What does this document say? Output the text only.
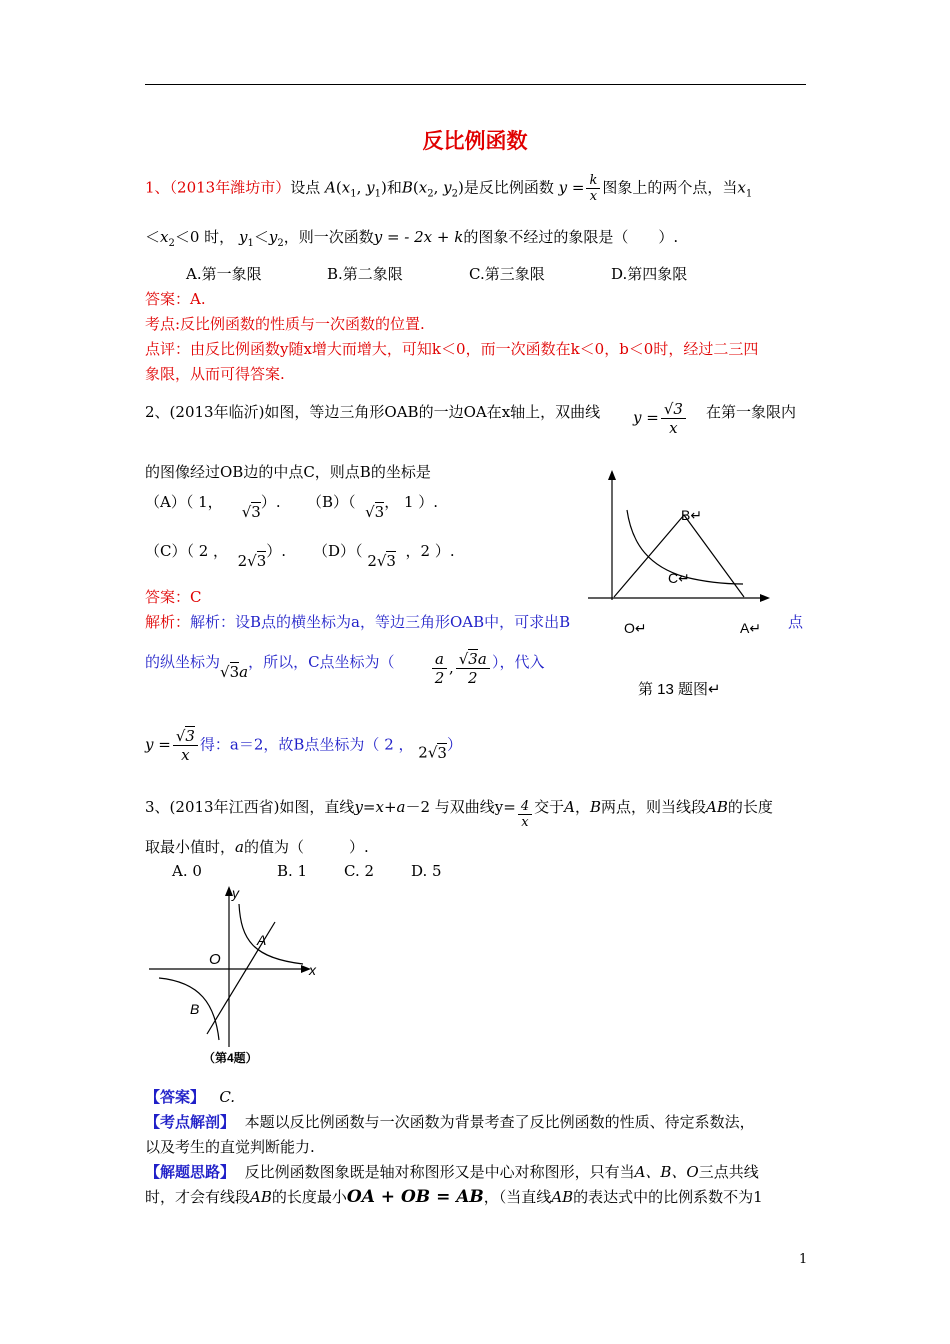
反比例函数
1、（2013年潍坊市）设点 $A(x_1$, $y_1$)和$B(x_2$, $y_2$)是反比例函数 $y = \frac{k}{x}$ 图象上的两个点，当$x_1$
$<x_2<0$ 时， $y_1<y_2$，则一次函数y = - 2x + k的图象不经过的象限是（　　）.
A.第一象限	B.第二象限	C.第三象限	D.第四象限
答案：A.
考点:反比例函数的性质与一次函数的位置.
点评：由反比例函数y随x增大而增大，可知k＜0，而一次函数在k＜0，b＜0时，经过二三四
象限，从而可得答案.
2、(2013年临沂)如图，等边三角形OAB的一边OA在x轴上，双曲线 $y = \frac{√3}{x}$ 在第一象限内
的图像经过OB边的中点C，则点B的坐标是
（A）（ 1，    √3）. （B）（  √3， 1 ）.
（C）（ 2 ，  2√3）. （D）（ 2√3  ，2 ）.
答案：C
解析：解析：设B点的横坐标为a，等边三角形OAB中，可求出B	点
的纵坐标为√3a，所以，C点坐标为（ $\frac{a}{2}$ , $\frac{√3a}{2}$ ），代入
$y = \frac{√3}{x}$ 得：a＝2，故B点坐标为（ 2 ， 2√3）
B↵
C↵
O↵	A↵
第 13 题图↵
3、(2013年江西省)如图，直线y=x+a－2 与双曲线$y= \frac{4}{x}$ 交于A，B两点，则当线段AB的长度
取最小值时，a的值为（　　　）.
A. 0	B. 1 C. 2 D. 5
y
x
O
A
B
（第4题）
【答案】 C.
【考点解剖】 本题以反比例函数与一次函数为背景考查了反比例函数的性质、待定系数法，
以及考生的直觉判断能力.
【解题思路】 反比例函数图象既是轴对称图形又是中心对称图形，只有当A、B、O三点共线
时，才会有线段AB的长度最小OA + OB = AB，（当直线AB的表达式中的比例系数不为1
1
